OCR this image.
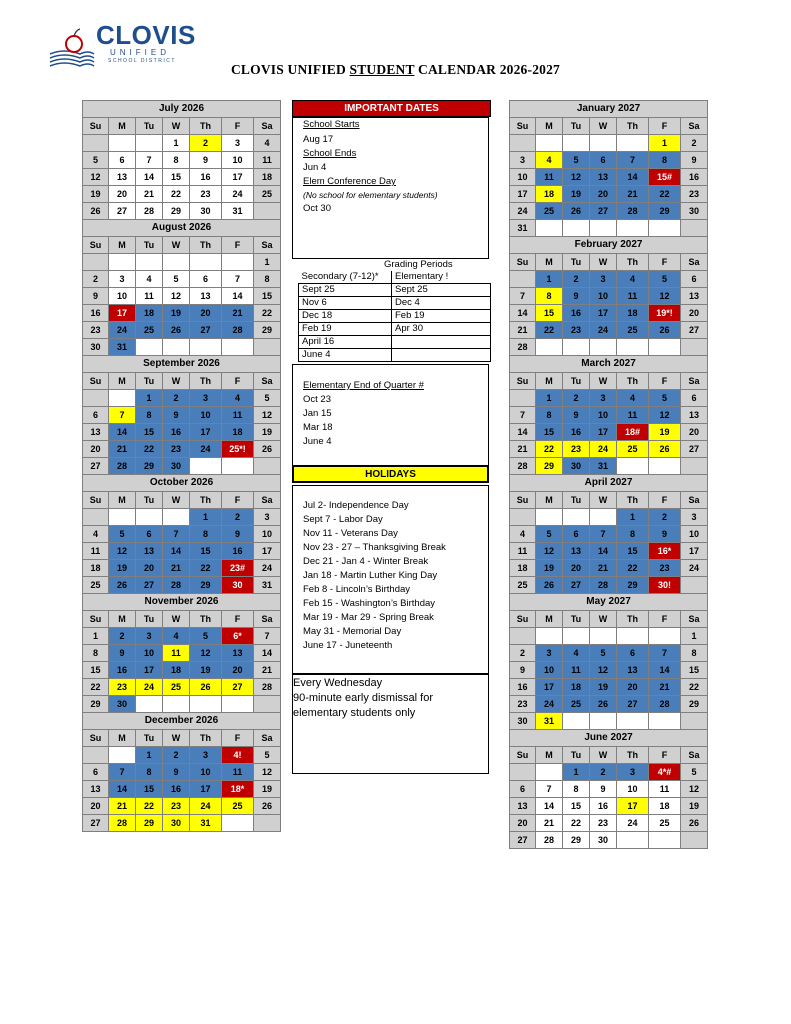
CLOVIS
UNIFIED
SCHOOL DISTRICT
CLOVIS UNIFIED STUDENT CALENDAR 2026-2027
July 2026						
Su	M	Tu	W	Th	F	Sa
			1	2	3	4
5	6	7	8	9	10	11
12	13	14	15	16	17	18
19	20	21	22	23	24	25
26	27	28	29	30	31	
August 2026						
Su	M	Tu	W	Th	F	Sa
						1
2	3	4	5	6	7	8
9	10	11	12	13	14	15
16	17	18	19	20	21	22
23	24	25	26	27	28	29
30	31					
September 2026						
Su	M	Tu	W	Th	F	Sa
		1	2	3	4	5
6	7	8	9	10	11	12
13	14	15	16	17	18	19
20	21	22	23	24	25*!	26
27	28	29	30			
October 2026						
Su	M	Tu	W	Th	F	Sa
				1	2	3
4	5	6	7	8	9	10
11	12	13	14	15	16	17
18	19	20	21	22	23#	24
25	26	27	28	29	30	31
November 2026						
Su	M	Tu	W	Th	F	Sa
1	2	3	4	5	6*	7
8	9	10	11	12	13	14
15	16	17	18	19	20	21
22	23	24	25	26	27	28
29	30					
December 2026						
Su	M	Tu	W	Th	F	Sa
		1	2	3	4!	5
6	7	8	9	10	11	12
13	14	15	16	17	18*	19
20	21	22	23	24	25	26
27	28	29	30	31		
January 2027						
Su	M	Tu	W	Th	F	Sa
					1	2
3	4	5	6	7	8	9
10	11	12	13	14	15#	16
17	18	19	20	21	22	23
24	25	26	27	28	29	30
31						
February 2027						
Su	M	Tu	W	Th	F	Sa
	1	2	3	4	5	6
7	8	9	10	11	12	13
14	15	16	17	18	19*!	20
21	22	23	24	25	26	27
28						
March 2027						
Su	M	Tu	W	Th	F	Sa
	1	2	3	4	5	6
7	8	9	10	11	12	13
14	15	16	17	18#	19	20
21	22	23	24	25	26	27
28	29	30	31			
April 2027						
Su	M	Tu	W	Th	F	Sa
				1	2	3
4	5	6	7	8	9	10
11	12	13	14	15	16*	17
18	19	20	21	22	23	24
25	26	27	28	29	30!	
May 2027						
Su	M	Tu	W	Th	F	Sa
						1
2	3	4	5	6	7	8
9	10	11	12	13	14	15
16	17	18	19	20	21	22
23	24	25	26	27	28	29
30	31					
June 2027						
Su	M	Tu	W	Th	F	Sa
		1	2	3	4*#	5
6	7	8	9	10	11	12
13	14	15	16	17	18	19
20	21	22	23	24	25	26
27	28	29	30			
IMPORTANT DATES
School Starts
Aug 17
School Ends
Jun 4
Elem Conference Day
(No school for elementary students)
Oct 30
Grading Periods
Secondary (7-12)*	Elementary !
Sept 25	Sept 25
Nov 6	Dec 4
Dec 18	Feb 19
Feb 19	Apr 30
April 16	
June 4	
Elementary End of Quarter #
Oct 23
Jan 15
Mar 18
June 4
HOLIDAYS
Jul 2- Independence Day
Sept 7 - Labor Day
Nov 11 - Veterans Day
Nov 23 - 27 – Thanksgiving Break
Dec 21 - Jan 4 - Winter Break
Jan 18 - Martin Luther King Day
Feb 8 - Lincoln’s Birthday
Feb 15 - Washington’s Birthday
Mar 19 - Mar 29 - Spring Break
May 31 - Memorial Day
June 17 - Juneteenth
Every Wednesday
90-minute early dismissal for
elementary students only
